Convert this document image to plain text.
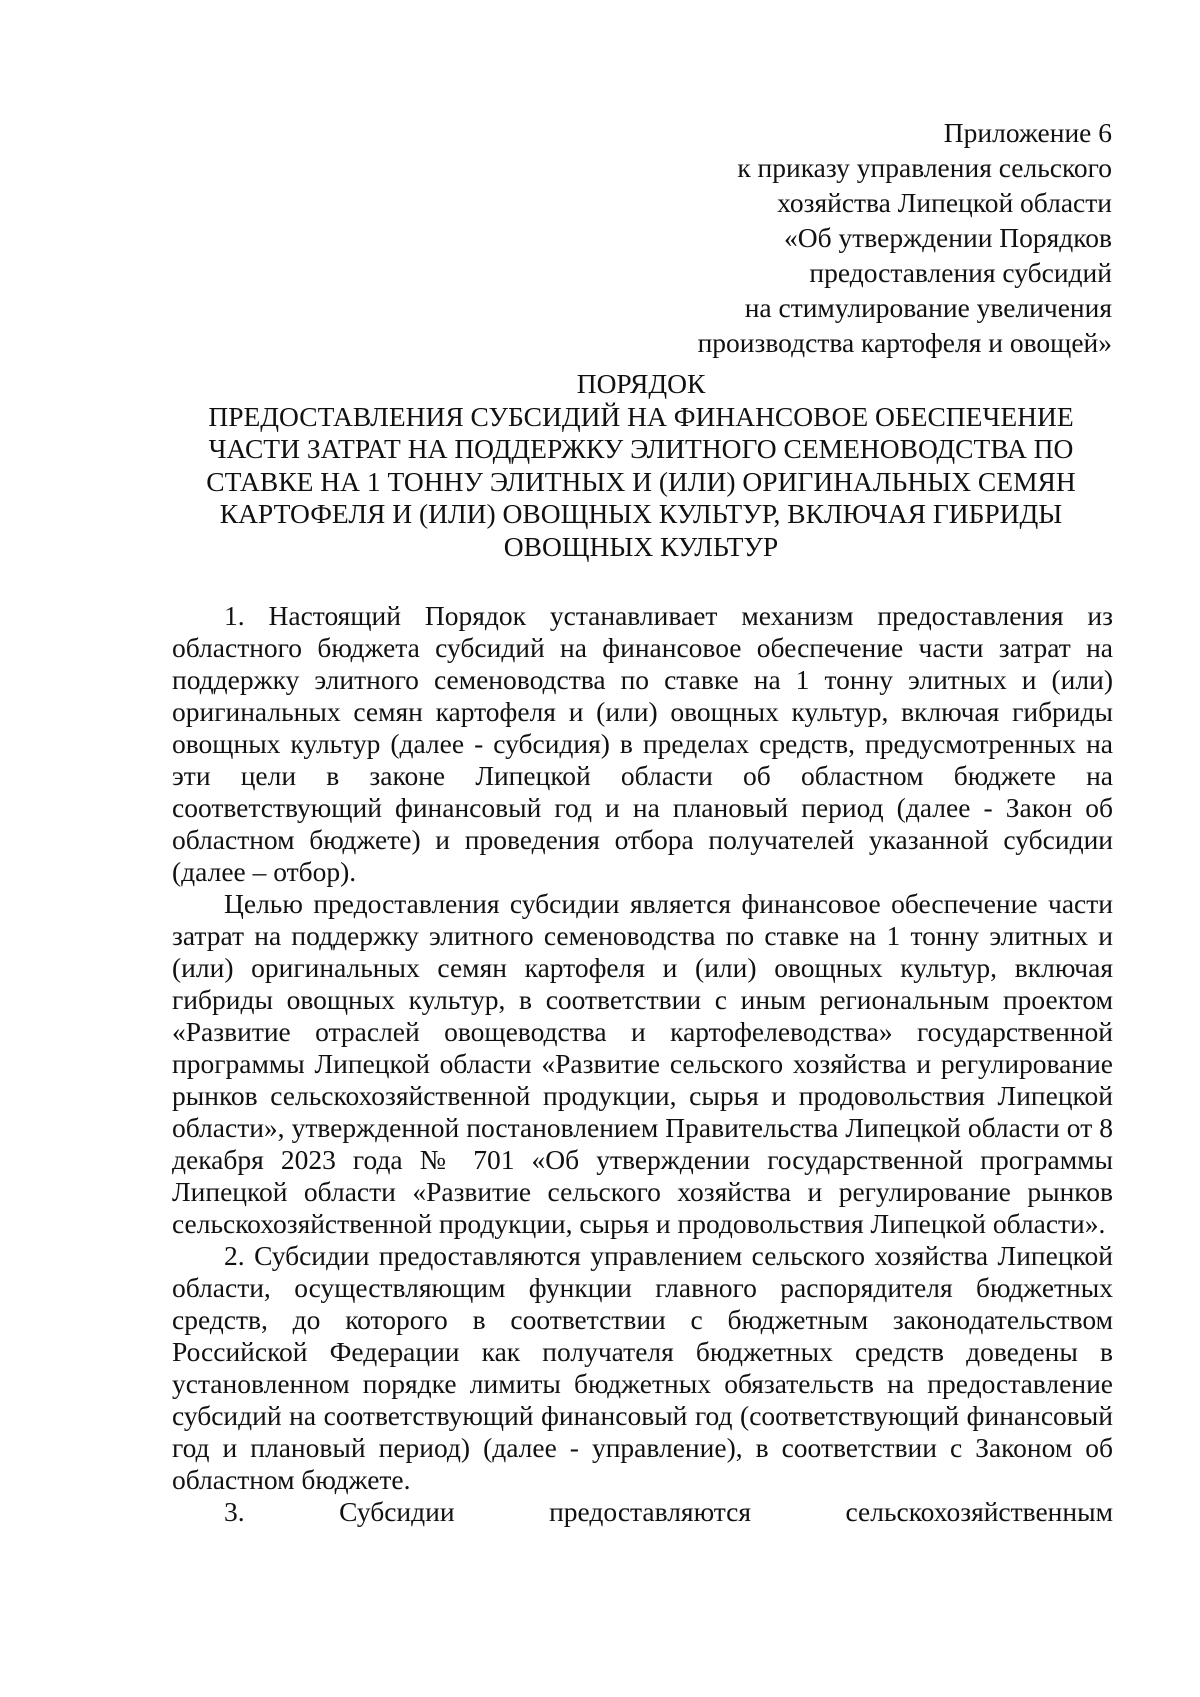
Приложение 6
к приказу управления сельского
хозяйства Липецкой области
«Об утверждении Порядков
предоставления субсидий
на стимулирование увеличения
производства картофеля и овощей»
ПОРЯДОК
ПРЕДОСТАВЛЕНИЯ СУБСИДИЙ НА ФИНАНСОВОЕ ОБЕСПЕЧЕНИЕ
ЧАСТИ ЗАТРАТ НА ПОДДЕРЖКУ ЭЛИТНОГО СЕМЕНОВОДСТВА ПО
СТАВКЕ НА 1 ТОННУ ЭЛИТНЫХ И (ИЛИ) ОРИГИНАЛЬНЫХ СЕМЯН
КАРТОФЕЛЯ И (ИЛИ) ОВОЩНЫХ КУЛЬТУР, ВКЛЮЧАЯ ГИБРИДЫ
ОВОЩНЫХ КУЛЬТУР

1. Настоящий Порядок устанавливает механизм предоставления из областного бюджета субсидий на финансовое обеспечение части затрат на поддержку элитного семеноводства по ставке на 1 тонну элитных и (или) оригинальных семян картофеля и (или) овощных культур, включая гибриды овощных культур (далее - субсидия) в пределах средств, предусмотренных на эти цели в законе Липецкой области об областном бюджете на соответствующий финансовый год и на плановый период (далее - Закон об областном бюджете) и проведения отбора получателей указанной субсидии (далее – отбор).

Целью предоставления субсидии является финансовое обеспечение части затрат на поддержку элитного семеноводства по ставке на 1 тонну элитных и (или) оригинальных семян картофеля и (или) овощных культур, включая гибриды овощных культур, в соответствии с иным региональным проектом «Развитие отраслей овощеводства и картофелеводства» государственной программы Липецкой области «Развитие сельского хозяйства и регулирование рынков сельскохозяйственной продукции, сырья и продовольствия Липецкой области», утвержденной постановлением Правительства Липецкой области от 8 декабря 2023 года № 701 «Об утверждении государственной программы Липецкой области «Развитие сельского хозяйства и регулирование рынков сельскохозяйственной продукции, сырья и продовольствия Липецкой области».

2. Субсидии предоставляются управлением сельского хозяйства Липецкой области, осуществляющим функции главного распорядителя бюджетных средств, до которого в соответствии с бюджетным законодательством Российской Федерации как получателя бюджетных средств доведены в установленном порядке лимиты бюджетных обязательств на предоставление субсидий на соответствующий финансовый год (соответствующий финансовый год и плановый период) (далее - управление), в соответствии с Законом об областном бюджете.

3. Субсидии предоставляются сельскохозяйственным
